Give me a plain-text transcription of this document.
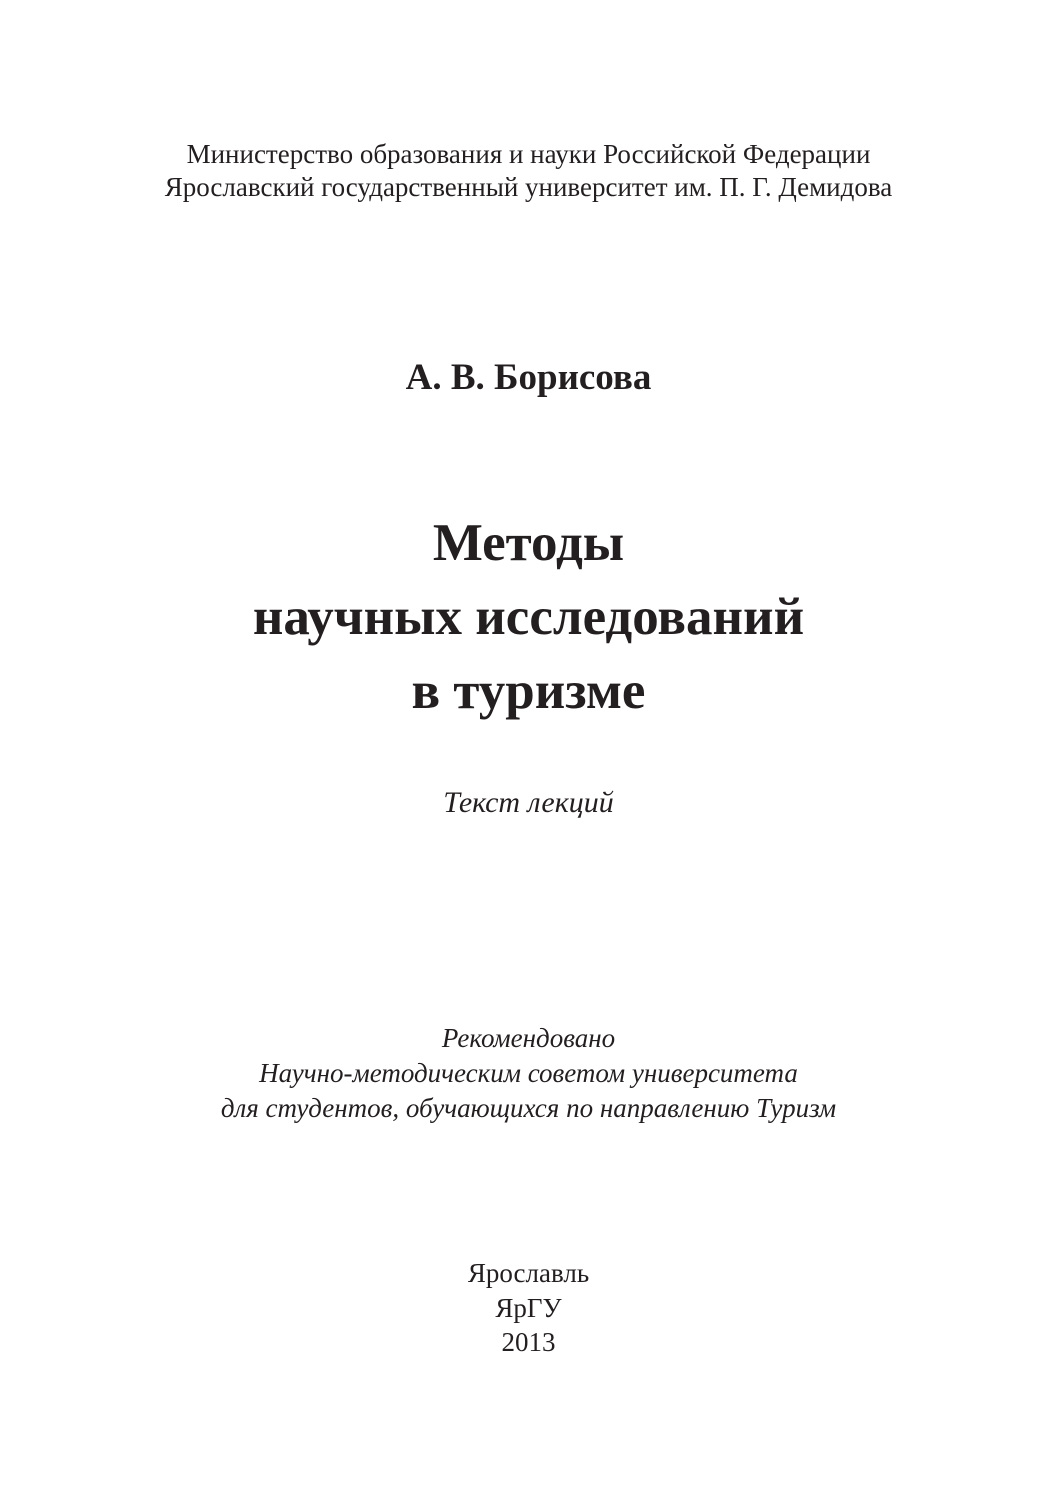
Министерство образования и науки Российской Федерации
Ярославский государственный университет им. П. Г. Демидова
А. В. Борисова
Методы
научных исследований
в туризме
Текст лекций
Рекомендовано
Научно-методическим советом университета
для студентов, обучающихся по направлению Туризм
Ярославль
ЯрГУ
2013
